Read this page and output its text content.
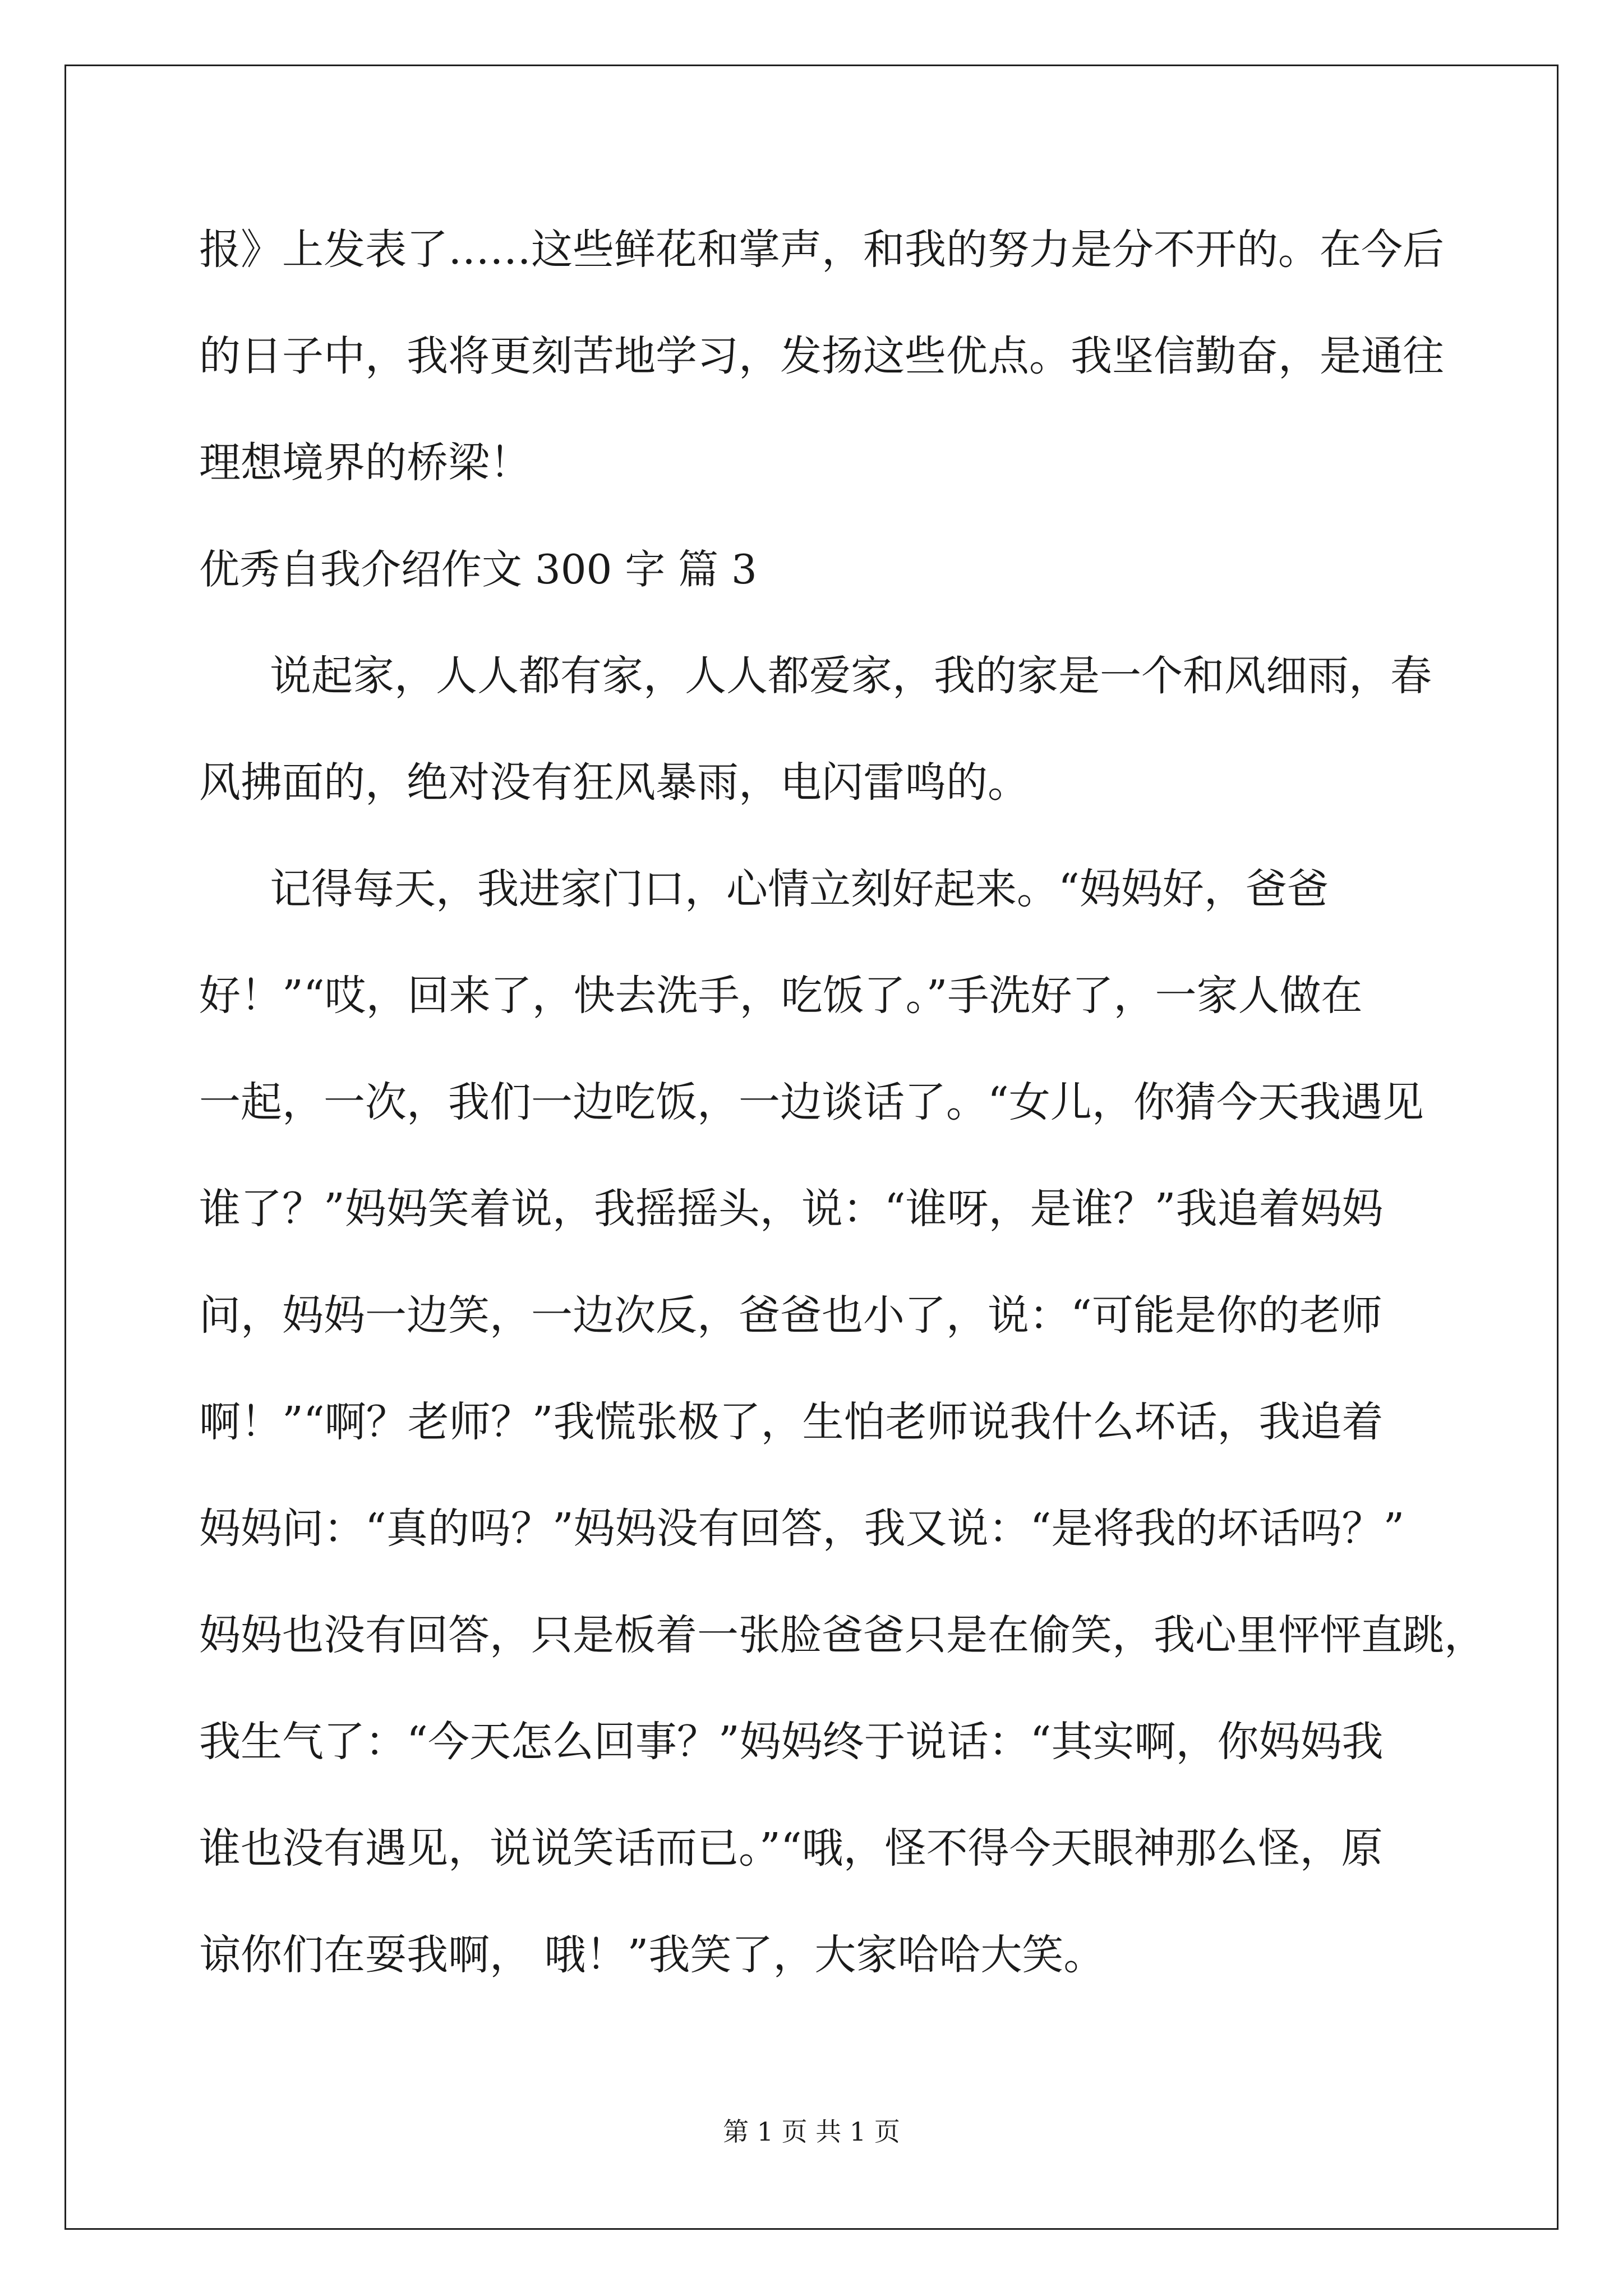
报》上发表了……这些鲜花和掌声，和我的努力是分不开的。在今后
的日子中，我将更刻苦地学习，发扬这些优点。我坚信勤奋，是通往
理想境界的桥梁！
优秀自我介绍作文 300 字 篇 3
说起家，人人都有家，人人都爱家，我的家是一个和风细雨，春
风拂面的，绝对没有狂风暴雨，电闪雷鸣的。
记得每天，我进家门口，心情立刻好起来。“妈妈好，爸爸
好！”“哎，回来了，快去洗手，吃饭了。”手洗好了，一家人做在
一起，一次，我们一边吃饭，一边谈话了。“女儿，你猜今天我遇见
谁了？”妈妈笑着说，我摇摇头，说：“谁呀，是谁？”我追着妈妈
问，妈妈一边笑，一边次反，爸爸也小了，说：“可能是你的老师
啊！”“啊？老师？”我慌张极了，生怕老师说我什么坏话，我追着
妈妈问：“真的吗？”妈妈没有回答，我又说：“是将我的坏话吗？”
妈妈也没有回答，只是板着一张脸爸爸只是在偷笑，我心里怦怦直跳，
我生气了：“今天怎么回事？”妈妈终于说话：“其实啊，你妈妈我
谁也没有遇见，说说笑话而已。”“哦，怪不得今天眼神那么怪，原
谅你们在耍我啊， 哦！”我笑了，大家哈哈大笑。
第 1 页 共 1 页
